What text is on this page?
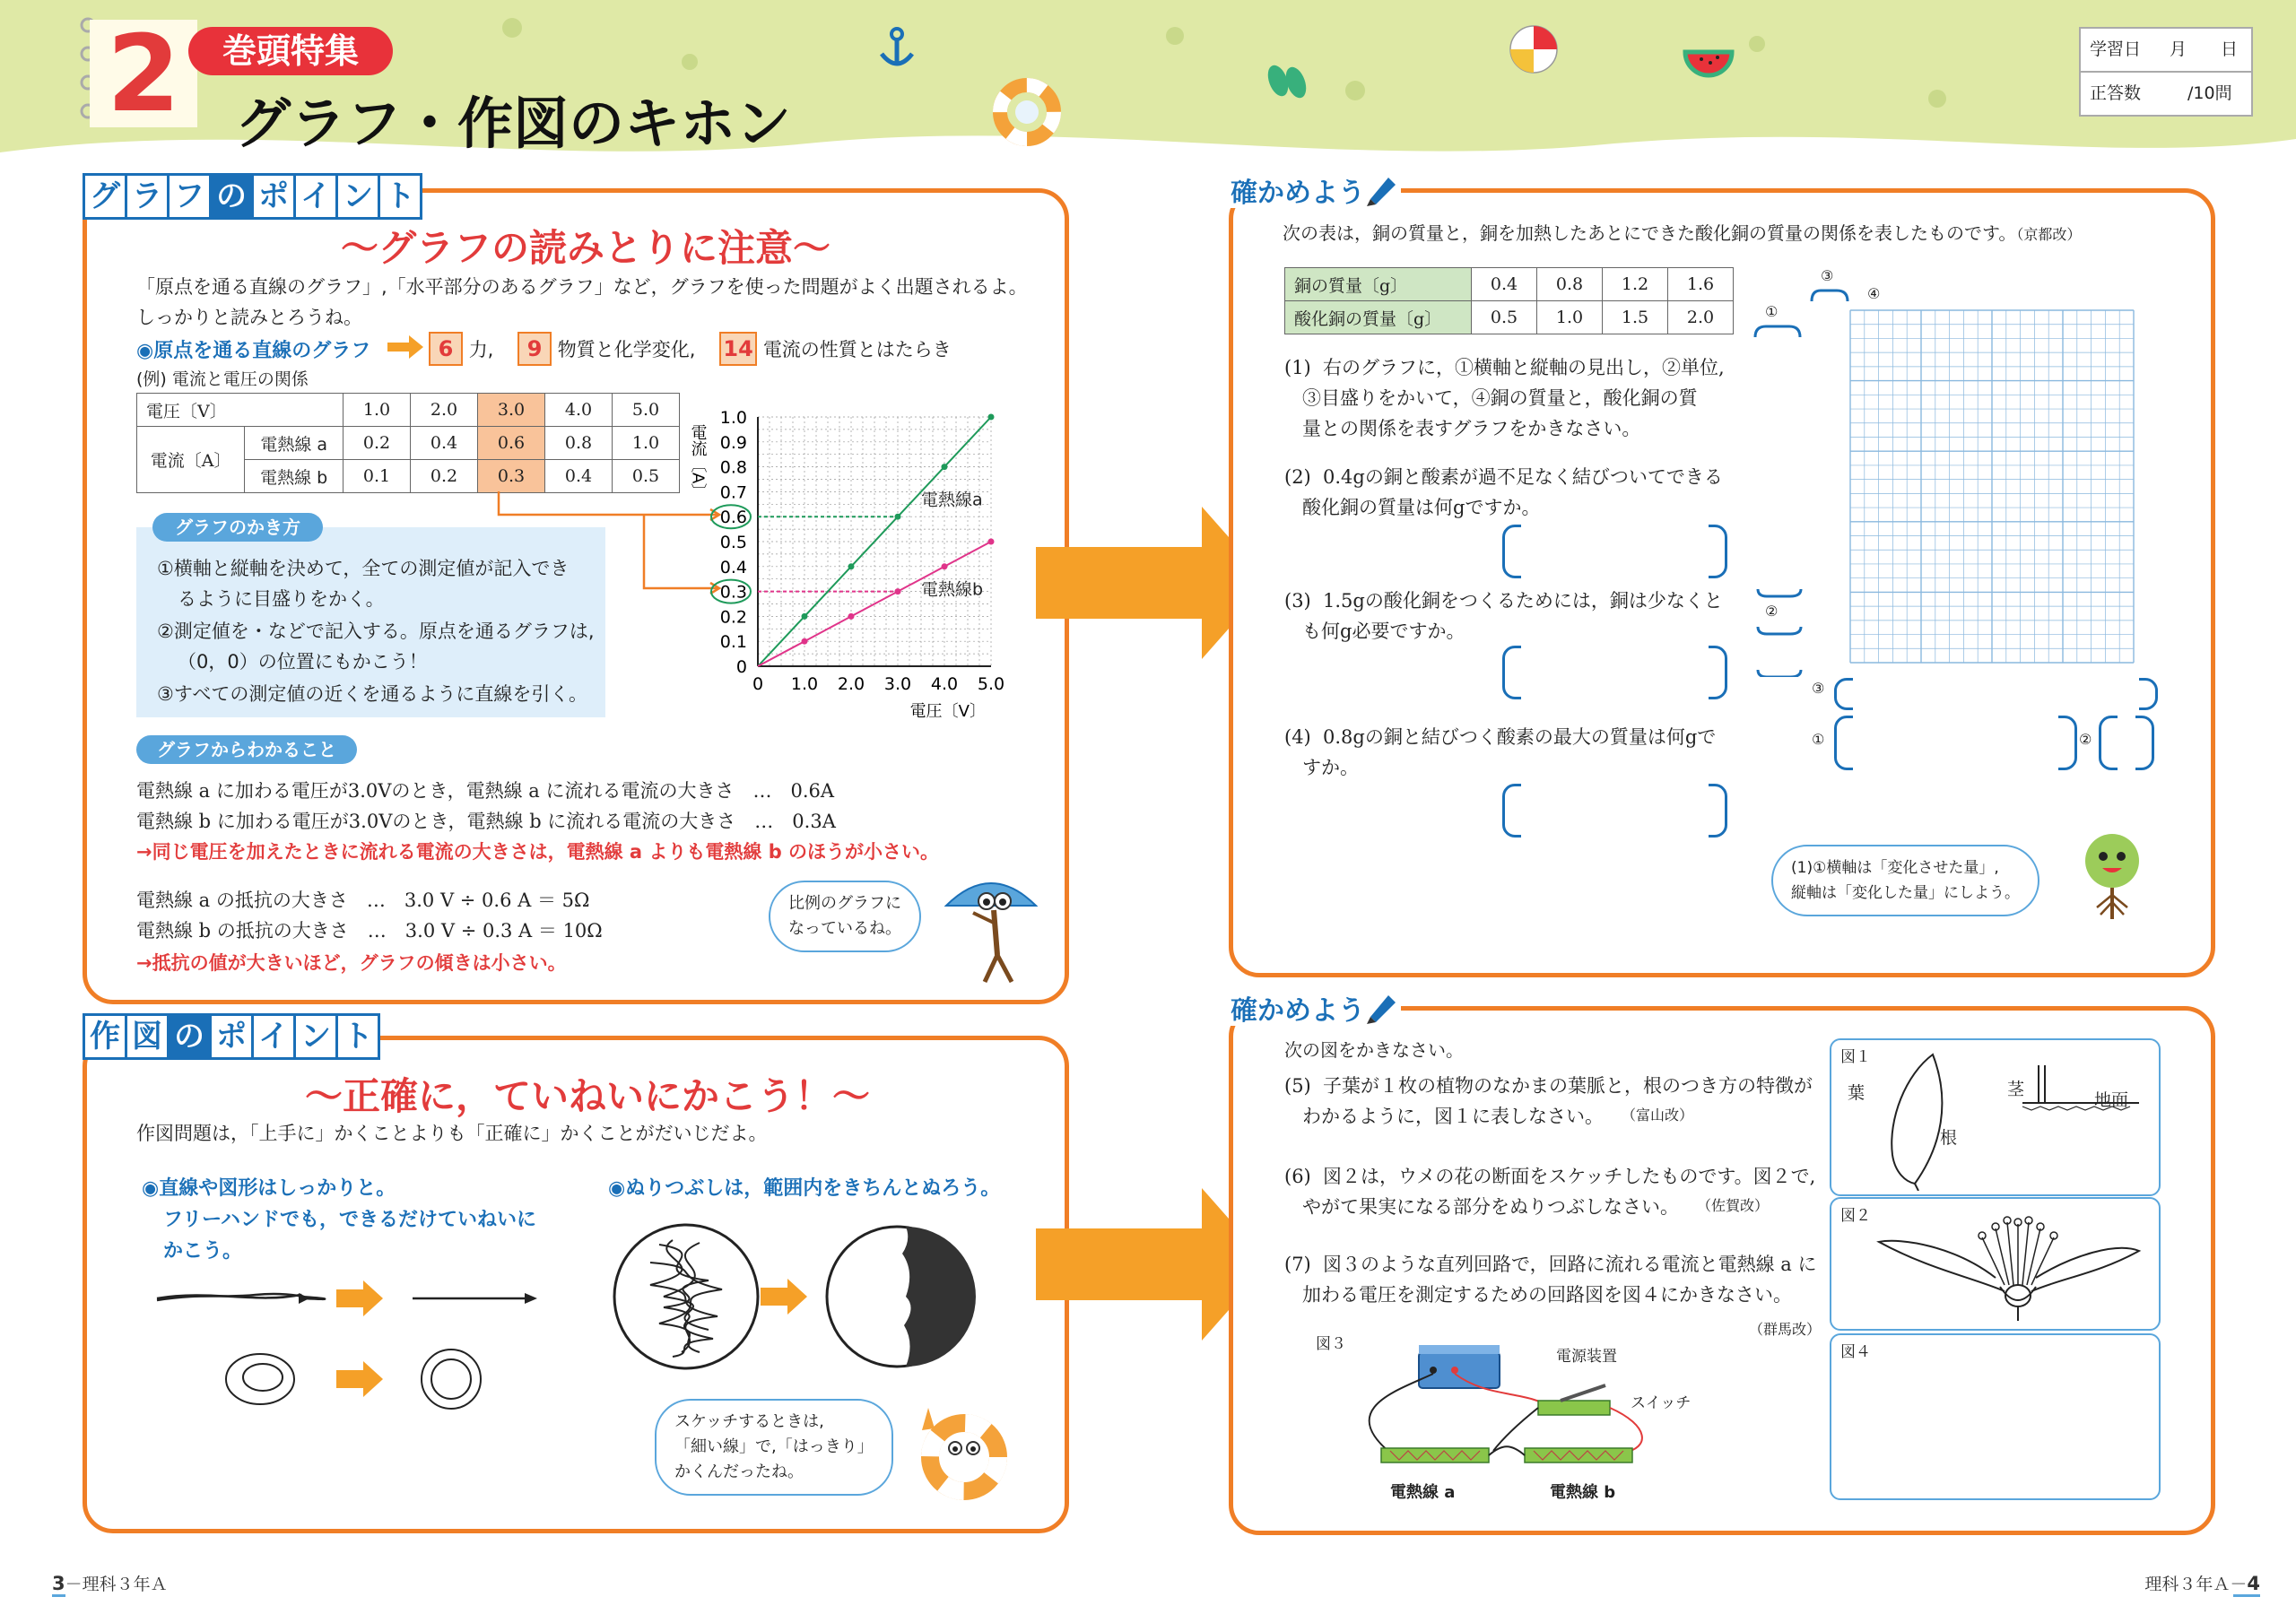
2	巻頭特集
グラフ・作図のキホン
学習日 月 日
正答数	/10問
グ ラ フ の ポ イ ン ト
～グラフの読みとりに注意～
「原点を通る直線のグラフ」,「水平部分のあるグラフ」など，グラフを使った問題がよく出題されるよ。
しっかりと読みとろうね。
◉原点を通る直線のグラフ	6 力, 9 物質と化学変化, 14 電流の性質とはたらき
(例) 電流と電圧の関係
電圧〔V〕		1.0	2.0	3.0	4.0	5.0
電流〔A〕	電熱線 a	0.2	0.4	0.6	0.8	1.0
	電熱線 b	0.1	0.2	0.3	0.4	0.5
グラフのかき方
①横軸と縦軸を決めて，全ての測定値が記入でき
るように目盛りをかく。
②測定値を・などで記入する。原点を通るグラフは,
（0，0）の位置にもかこう！
③すべての測定値の近くを通るように直線を引く。
0
0.1
0.2
0.3
0.4
0.5
0.6
0.7
0.8
0.9
1.0
0 1.0 2.0 3.0 4.0 5.0
電圧〔V〕
電流〔A〕
電熱線a
電熱線b
グラフからわかること
電熱線 a に加わる電圧が3.0Vのとき，電熱線 a に流れる電流の大きさ　…　0.6A
電熱線 b に加わる電圧が3.0Vのとき，電熱線 b に流れる電流の大きさ　…　0.3A
→同じ電圧を加えたときに流れる電流の大きさは，電熱線 a よりも電熱線 b のほうが小さい。
電熱線 a の抵抗の大きさ　…　3.0 V ÷ 0.6 A ＝ 5Ω
電熱線 b の抵抗の大きさ　…　3.0 V ÷ 0.3 A ＝ 10Ω
→抵抗の値が大きいほど，グラフの傾きは小さい。
比例のグラフに
なっているね。
作 図 の ポ イ ン ト
～正確に，ていねいにかこう！～
作図問題は，「上手に」かくことよりも「正確に」かくことがだいじだよ。
◉直線や図形はしっかりと。
フリーハンドでも，できるだけていねいに
かこう。
◉ぬりつぶしは，範囲内をきちんとぬろう。
スケッチするときは,
「細い線」で,「はっきり」
かくんだったね。
確かめよう
次の表は，銅の質量と，銅を加熱したあとにできた酸化銅の質量の関係を表したものです。（京都改）
銅の質量〔g〕	0.4	0.8	1.2	1.6
酸化銅の質量〔g〕	0.5	1.0	1.5	2.0
(1) 右のグラフに，①横軸と縦軸の見出し，②単位,
③目盛りをかいて，④銅の質量と，酸化銅の質
量との関係を表すグラフをかきなさい。
(2) 0.4gの銅と酸素が過不足なく結びついてできる
酸化銅の質量は何gですか。
(3) 1.5gの酸化銅をつくるためには，銅は少なくと
も何g必要ですか。
(4) 0.8gの銅と結びつく酸素の最大の質量は何gで
すか。
①
③
④
②
③
①	②
(1)①横軸は「変化させた量」,
縦軸は「変化した量」にしよう。
確かめよう
次の図をかきなさい。
(5) 子葉が１枚の植物のなかまの葉脈と，根のつき方の特徴が
わかるように，図１に表しなさい。 （富山改）
(6) 図２は，ウメの花の断面をスケッチしたものです。図２で,
やがて果実になる部分をぬりつぶしなさい。 （佐賀改）
(7) 図３のような直列回路で，回路に流れる電流と電熱線 a に
加わる電圧を測定するための回路図を図４にかきなさい。
（群馬改）
図１
葉	茎
地面
根
図２
図４
図３
電源装置
スイッチ
電熱線 a	電熱線 b
3－理科３年Ａ	理科３年Ａ－4
